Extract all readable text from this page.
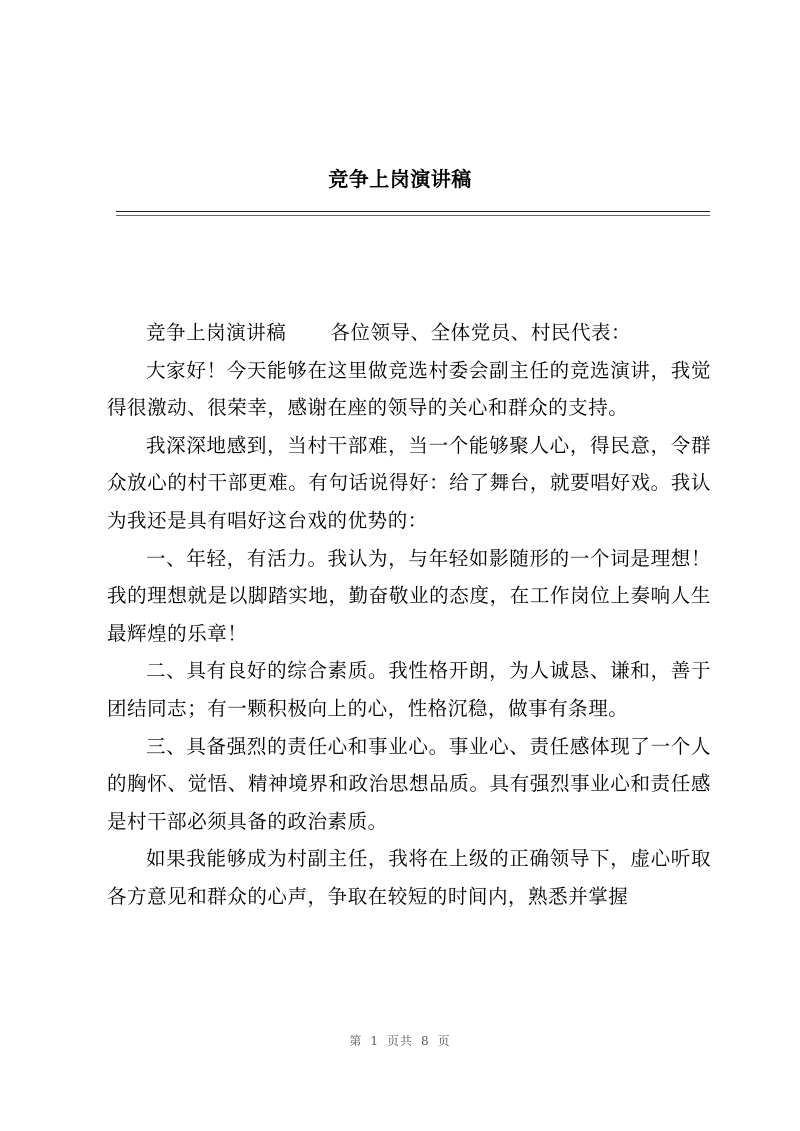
竞争上岗演讲稿

竞争上岗演讲稿 各位领导、全体党员、村民代表：

大家好！今天能够在这里做竞选村委会副主任的竞选演讲，我觉得很激动、很荣幸，感谢在座的领导的关心和群众的支持。

我深深地感到，当村干部难，当一个能够聚人心，得民意，令群众放心的村干部更难。有句话说得好：给了舞台，就要唱好戏。我认为我还是具有唱好这台戏的优势的：

一、年轻，有活力。我认为，与年轻如影随形的一个词是理想！我的理想就是以脚踏实地，勤奋敬业的态度，在工作岗位上奏响人生最辉煌的乐章！

二、具有良好的综合素质。我性格开朗，为人诚恳、谦和，善于团结同志；有一颗积极向上的心，性格沉稳，做事有条理。

三、具备强烈的责任心和事业心。事业心、责任感体现了一个人的胸怀、觉悟、精神境界和政治思想品质。具有强烈事业心和责任感是村干部必须具备的政治素质。

如果我能够成为村副主任，我将在上级的正确领导下，虚心听取各方意见和群众的心声，争取在较短的时间内，熟悉并掌握

第 1 页共 8 页
